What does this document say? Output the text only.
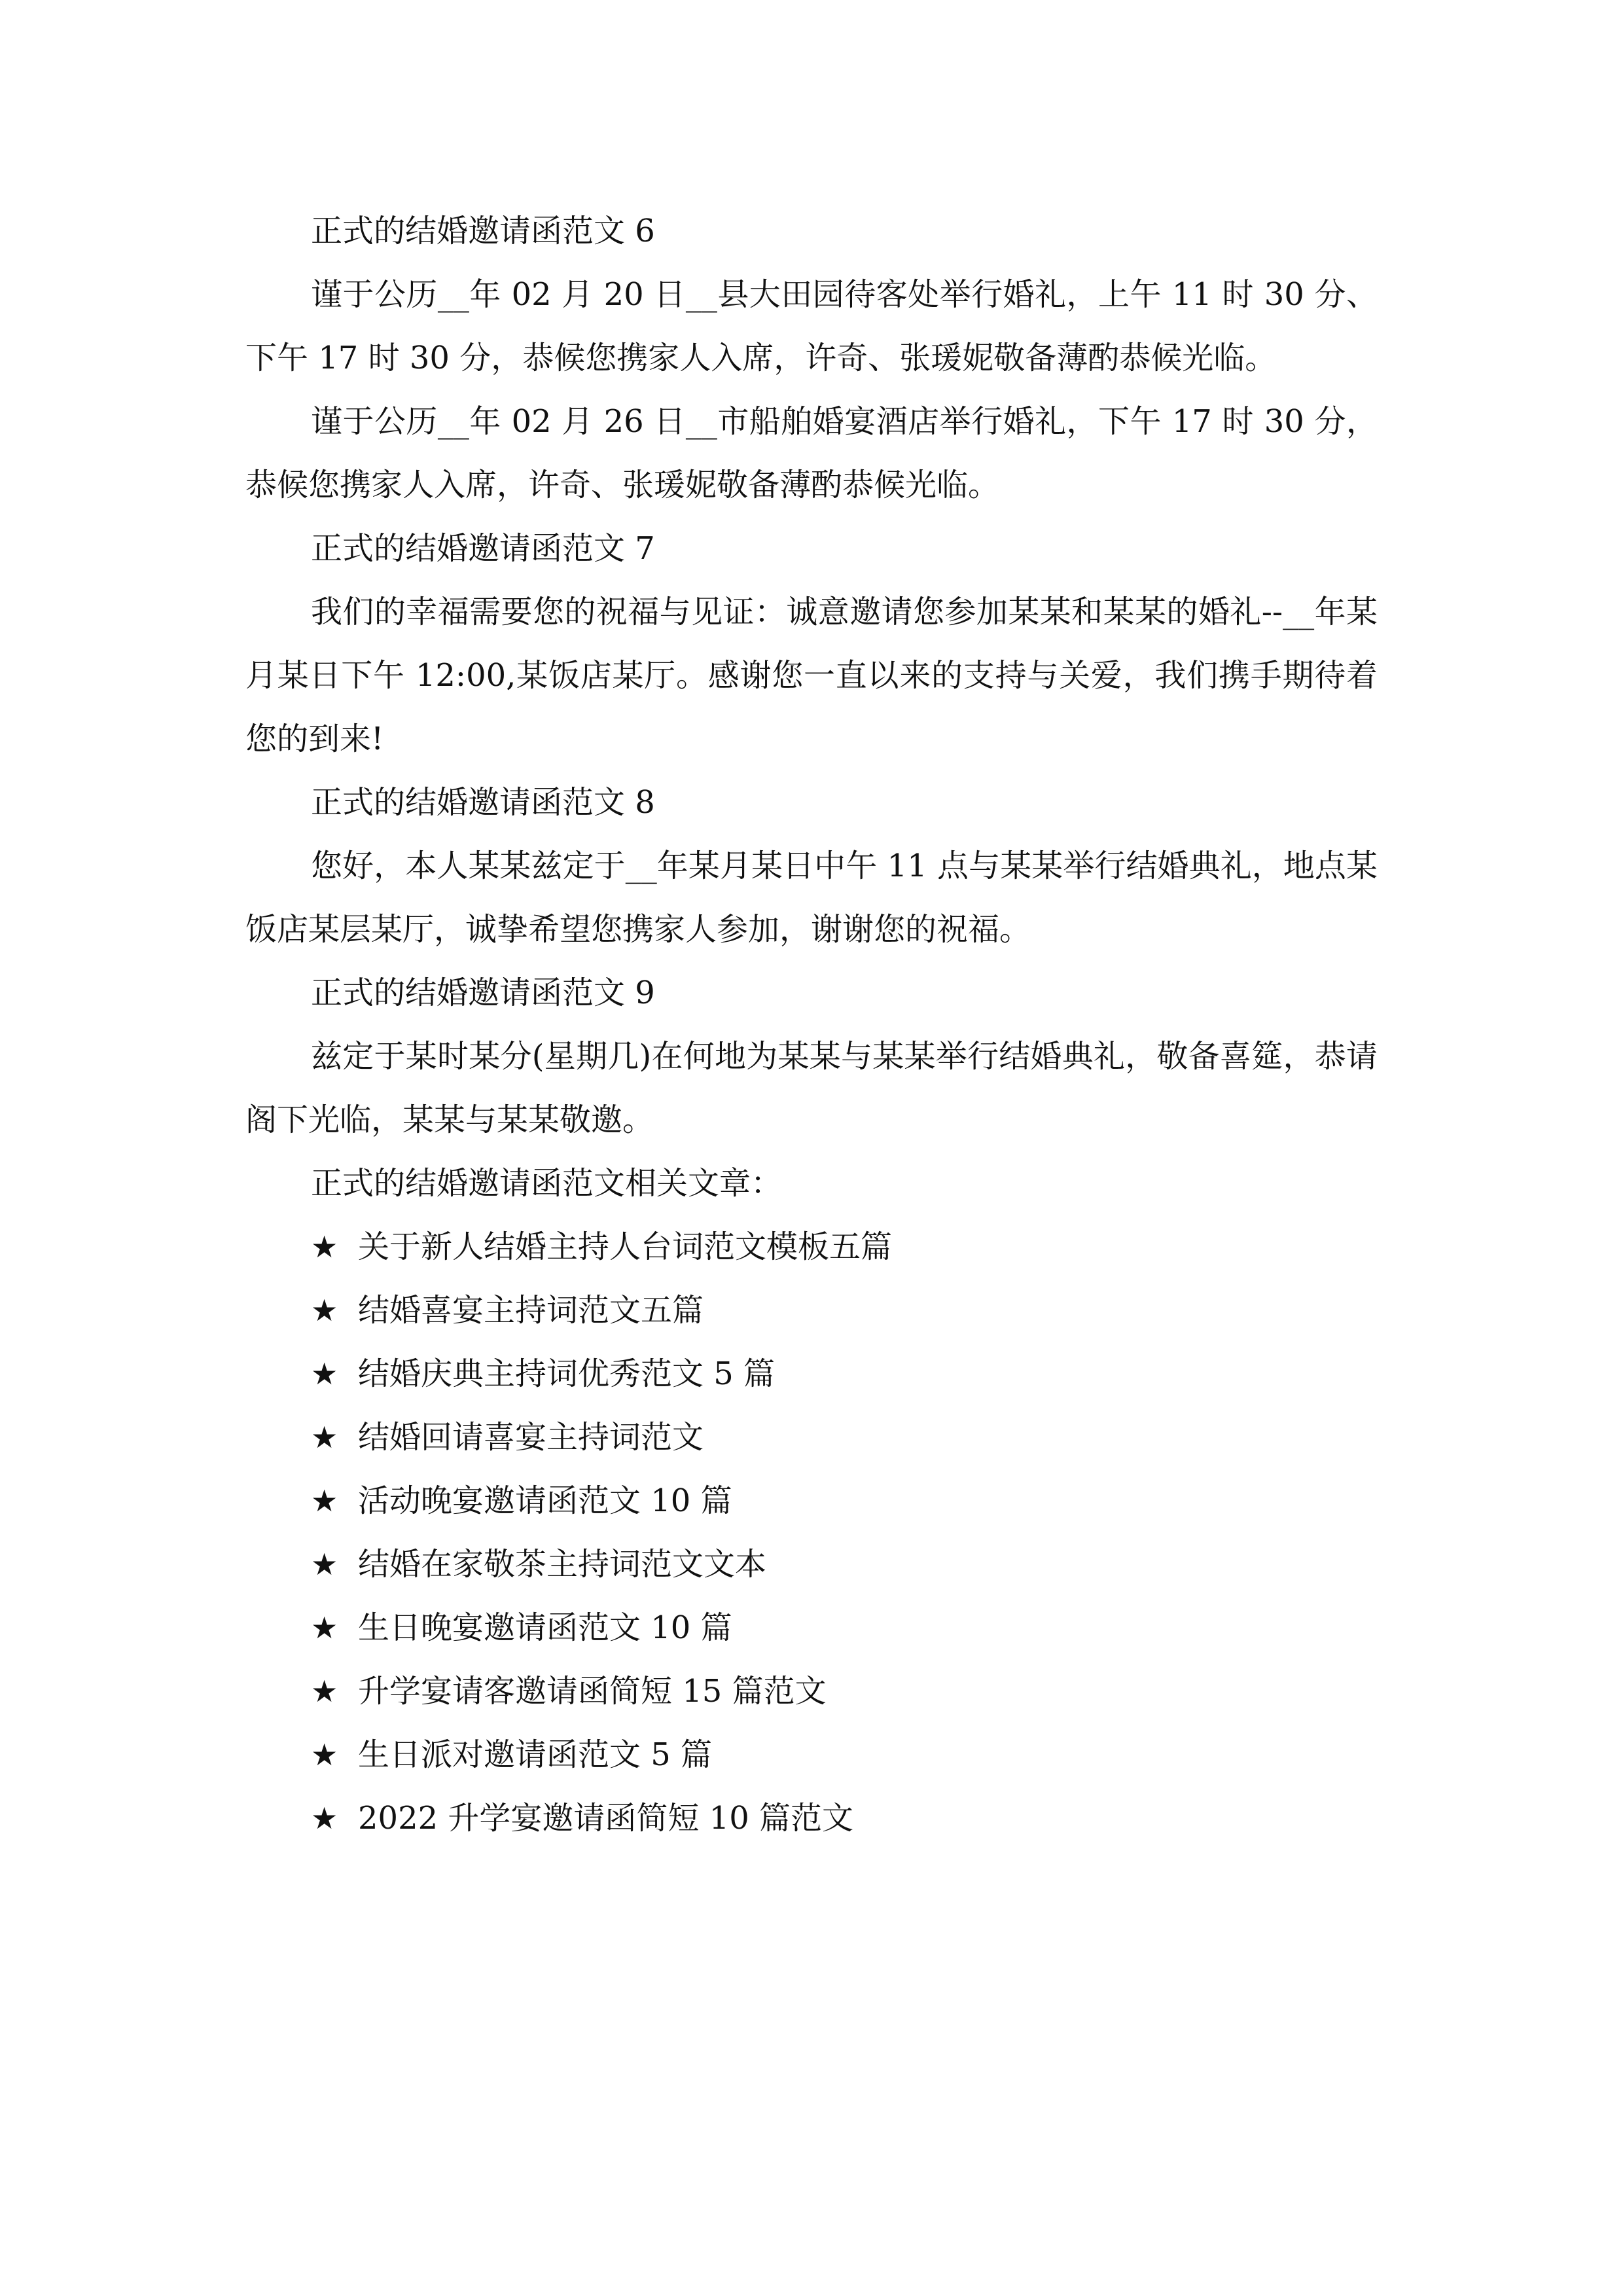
正式的结婚邀请函范文 6

谨于公历__年 02 月 20 日__县大田园待客处举行婚礼，上午 11 时 30 分、下午 17 时 30 分，恭候您携家人入席，许奇、张瑗妮敬备薄酌恭候光临。

谨于公历__年 02 月 26 日__市船舶婚宴酒店举行婚礼，下午 17 时 30 分，恭候您携家人入席，许奇、张瑗妮敬备薄酌恭候光临。

正式的结婚邀请函范文 7

我们的幸福需要您的祝福与见证：诚意邀请您参加某某和某某的婚礼--__年某月某日下午 12:00,某饭店某厅。感谢您一直以来的支持与关爱，我们携手期待着您的到来!

正式的结婚邀请函范文 8

您好，本人某某兹定于__年某月某日中午 11 点与某某举行结婚典礼，地点某饭店某层某厅，诚挚希望您携家人参加，谢谢您的祝福。

正式的结婚邀请函范文 9

兹定于某时某分(星期几)在何地为某某与某某举行结婚典礼，敬备喜筵，恭请阁下光临，某某与某某敬邀。

正式的结婚邀请函范文相关文章：

★ 关于新人结婚主持人台词范文模板五篇
★ 结婚喜宴主持词范文五篇
★ 结婚庆典主持词优秀范文 5 篇
★ 结婚回请喜宴主持词范文
★ 活动晚宴邀请函范文 10 篇
★ 结婚在家敬茶主持词范文文本
★ 生日晚宴邀请函范文 10 篇
★ 升学宴请客邀请函简短 15 篇范文
★ 生日派对邀请函范文 5 篇
★ 2022 升学宴邀请函简短 10 篇范文
